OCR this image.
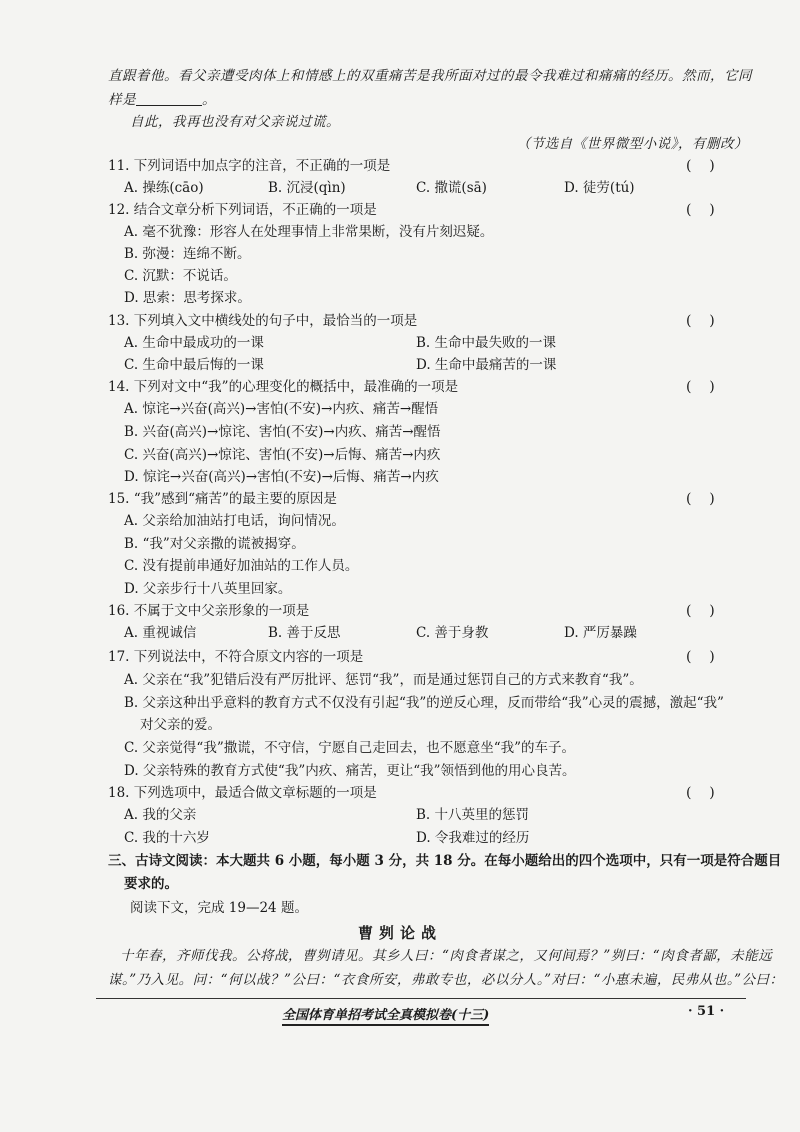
直跟着他。看父亲遭受肉体上和情感上的双重痛苦是我所面对过的最令我难过和痛痛的经历。然而，它同
样是	。
自此，我再也没有对父亲说过谎。
（节选自《世界微型小说》，有删改）
11. 下列词语中加点字的注音，不正确的一项是	(    )
A. 操练(cāo)	B. 沉浸(qìn)	C. 撒谎(sā)	D. 徒劳(tú)
12. 结合文章分析下列词语，不正确的一项是	(    )
A. 毫不犹豫：形容人在处理事情上非常果断，没有片刻迟疑。
B. 弥漫：连绵不断。
C. 沉默：不说话。
D. 思索：思考探求。
13. 下列填入文中横线处的句子中，最恰当的一项是	(    )
A. 生命中最成功的一课	B. 生命中最失败的一课
C. 生命中最后悔的一课	D. 生命中最痛苦的一课
14. 下列对文中“我”的心理变化的概括中，最准确的一项是	(    )
A. 惊诧→兴奋(高兴)→害怕(不安)→内疚、痛苦→醒悟
B. 兴奋(高兴)→惊诧、害怕(不安)→内疚、痛苦→醒悟
C. 兴奋(高兴)→惊诧、害怕(不安)→后悔、痛苦→内疚
D. 惊诧→兴奋(高兴)→害怕(不安)→后悔、痛苦→内疚
15. “我”感到“痛苦”的最主要的原因是	(    )
A. 父亲给加油站打电话，询问情况。
B. “我”对父亲撒的谎被揭穿。
C. 没有提前串通好加油站的工作人员。
D. 父亲步行十八英里回家。
16. 不属于文中父亲形象的一项是	(    )
A. 重视诚信	B. 善于反思	C. 善于身教	D. 严厉暴躁
17. 下列说法中，不符合原文内容的一项是	(    )
A. 父亲在“我”犯错后没有严厉批评、惩罚“我”，而是通过惩罚自己的方式来教育“我”。
B. 父亲这种出乎意料的教育方式不仅没有引起“我”的逆反心理，反而带给“我”心灵的震撼，激起“我”
对父亲的爱。
C. 父亲觉得“我”撒谎，不守信，宁愿自己走回去，也不愿意坐“我”的车子。
D. 父亲特殊的教育方式使“我”内疚、痛苦，更让“我”领悟到他的用心良苦。
18. 下列选项中，最适合做文章标题的一项是	(    )
A. 我的父亲	B. 十八英里的惩罚
C. 我的十六岁	D. 令我难过的经历
三、古诗文阅读：本大题共 6 小题，每小题 3 分，共 18 分。在每小题给出的四个选项中，只有一项是符合题目
要求的。
阅读下文，完成 19—24 题。
曹刿论战
十年春，齐师伐我。公将战，曹刿请见。其乡人曰：“肉食者谋之，又何间焉？”刿曰：“肉食者鄙，未能远
谋。”乃入见。问：“何以战？”公曰：“衣食所安，弗敢专也，必以分人。”对曰：“小惠未遍，民弗从也。”公曰：
全国体育单招考试全真模拟卷(十三)	· 51 ·
